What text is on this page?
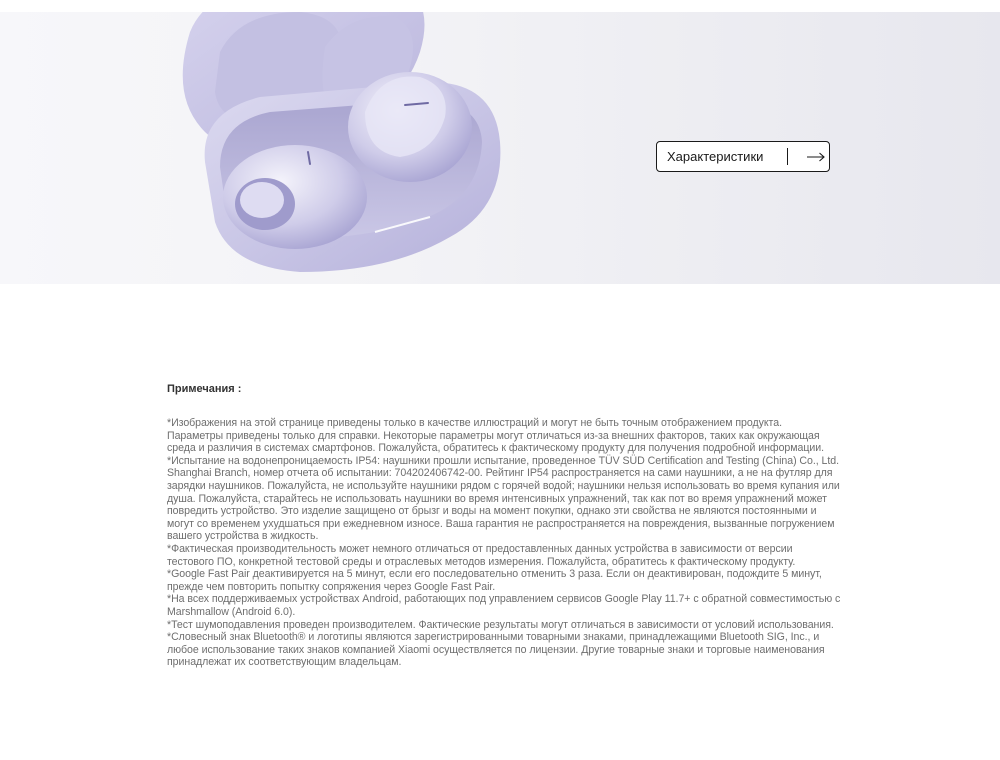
Характеристики
Примечания :

*Изображения на этой странице приведены только в качестве иллюстраций и могут не быть точным отображением продукта.

Параметры приведены только для справки. Некоторые параметры могут отличаться из-за внешних факторов, таких как окружающая

среда и различия в системах смартфонов. Пожалуйста, обратитесь к фактическому продукту для получения подробной информации.

*Испытание на водонепроницаемость IP54: наушники прошли испытание, проведенное TÜV SÜD Certification and Testing (China) Co., Ltd.

Shanghai Branch, номер отчета об испытании: 704202406742-00. Рейтинг IP54 распространяется на сами наушники, а не на футляр для

зарядки наушников. Пожалуйста, не используйте наушники рядом с горячей водой; наушники нельзя использовать во время купания или

душа. Пожалуйста, старайтесь не использовать наушники во время интенсивных упражнений, так как пот во время упражнений может

повредить устройство. Это изделие защищено от брызг и воды на момент покупки, однако эти свойства не являются постоянными и

могут со временем ухудшаться при ежедневном износе. Ваша гарантия не распространяется на повреждения, вызванные погружением

вашего устройства в жидкость.

*Фактическая производительность может немного отличаться от предоставленных данных устройства в зависимости от версии

тестового ПО, конкретной тестовой среды и отраслевых методов измерения. Пожалуйста, обратитесь к фактическому продукту.

*Google Fast Pair деактивируется на 5 минут, если его последовательно отменить 3 раза. Если он деактивирован, подождите 5 минут,

прежде чем повторить попытку сопряжения через Google Fast Pair.

*На всех поддерживаемых устройствах Android, работающих под управлением сервисов Google Play 11.7+ с обратной совместимостью с

Marshmallow (Android 6.0).

*Тест шумоподавления проведен производителем. Фактические результаты могут отличаться в зависимости от условий использования.

*Словесный знак Bluetooth® и логотипы являются зарегистрированными товарными знаками, принадлежащими Bluetooth SIG, Inc., и

любое использование таких знаков компанией Xiaomi осуществляется по лицензии. Другие товарные знаки и торговые наименования

принадлежат их соответствующим владельцам.
